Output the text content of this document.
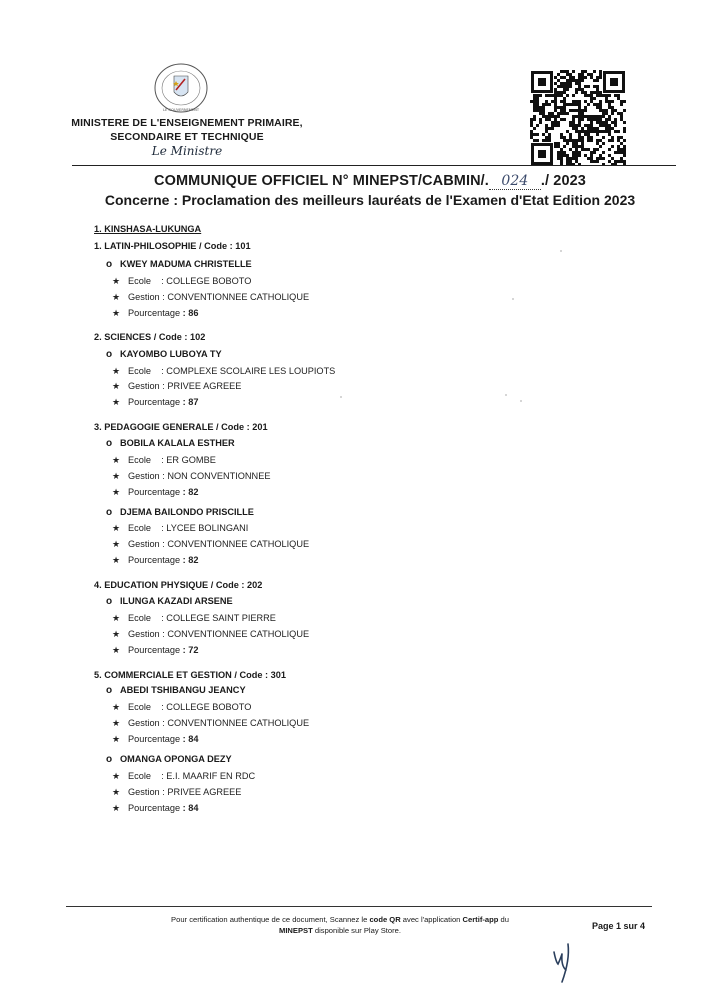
LE GOUVERNEMENT
MINISTERE DE L'ENSEIGNEMENT PRIMAIRE,
SECONDAIRE ET TECHNIQUE
Le Ministre
COMMUNIQUE OFFICIEL N° MINEPST/CABMIN/. 024 ./ 2023
Concerne : Proclamation des meilleurs lauréats de l'Examen d'Etat Edition 2023
1. KINSHASA-LUKUNGA
1. LATIN-PHILOSOPHIE / Code : 101
o KWEY MADUMA CHRISTELLE
★ Ecole : COLLEGE BOBOTO
★ Gestion : CONVENTIONNEE CATHOLIQUE
★ Pourcentage : 86
2. SCIENCES / Code : 102
o KAYOMBO LUBOYA TY
★ Ecole : COMPLEXE SCOLAIRE LES LOUPIOTS
★ Gestion : PRIVEE AGREEE
★ Pourcentage : 87
3. PEDAGOGIE GENERALE / Code : 201
o BOBILA KALALA ESTHER
★ Ecole : ER GOMBE
★ Gestion : NON CONVENTIONNEE
★ Pourcentage : 82
o DJEMA BAILONDO PRISCILLE
★ Ecole : LYCEE BOLINGANI
★ Gestion : CONVENTIONNEE CATHOLIQUE
★ Pourcentage : 82
4. EDUCATION PHYSIQUE / Code : 202
o ILUNGA KAZADI ARSENE
★ Ecole : COLLEGE SAINT PIERRE
★ Gestion : CONVENTIONNEE CATHOLIQUE
★ Pourcentage : 72
5. COMMERCIALE ET GESTION / Code : 301
o ABEDI TSHIBANGU JEANCY
★ Ecole : COLLEGE BOBOTO
★ Gestion : CONVENTIONNEE CATHOLIQUE
★ Pourcentage : 84
o OMANGA OPONGA DEZY
★ Ecole : E.I. MAARIF EN RDC
★ Gestion : PRIVEE AGREEE
★ Pourcentage : 84
Pour certification authentique de ce document, Scannez le code QR avec l'application Certif-app du
MINEPST disponible sur Play Store.	Page 1 sur 4
